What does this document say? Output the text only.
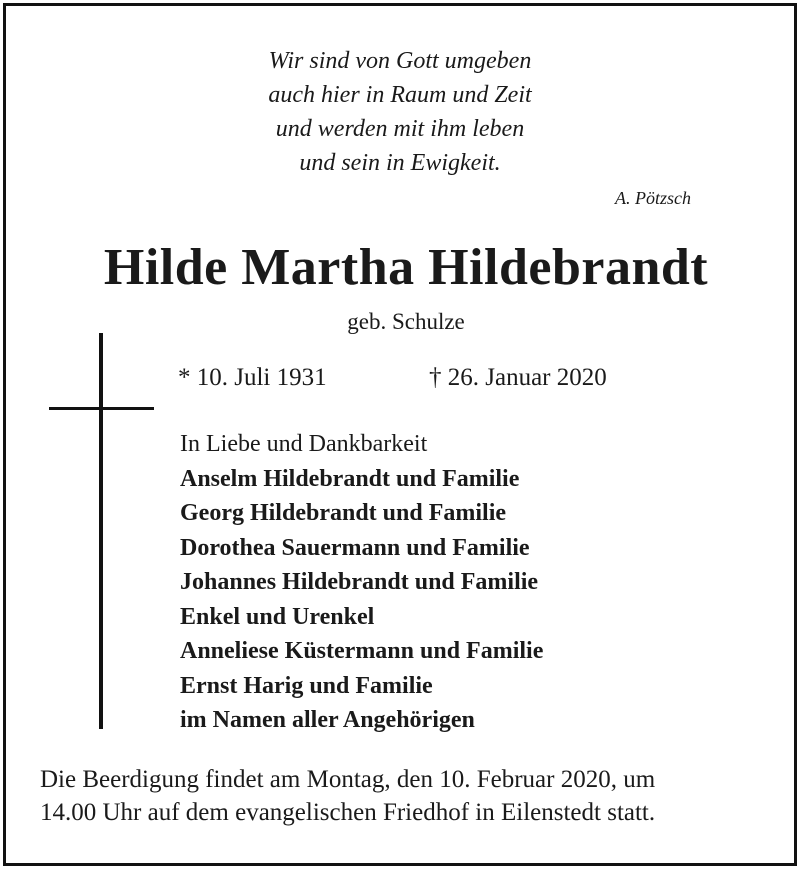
Wir sind von Gott umgeben
auch hier in Raum und Zeit
und werden mit ihm leben
und sein in Ewigkeit.
A. Pötzsch
Hilde Martha Hildebrandt
geb. Schulze
* 10. Juli 1931	† 26. Januar 2020
In Liebe und Dankbarkeit
Anselm Hildebrandt und Familie
Georg Hildebrandt und Familie
Dorothea Sauermann und Familie
Johannes Hildebrandt und Familie
Enkel und Urenkel
Anneliese Küstermann und Familie
Ernst Harig und Familie
im Namen aller Angehörigen
Die Beerdigung findet am Montag, den 10. Februar 2020, um
14.00 Uhr auf dem evangelischen Friedhof in Eilenstedt statt.
